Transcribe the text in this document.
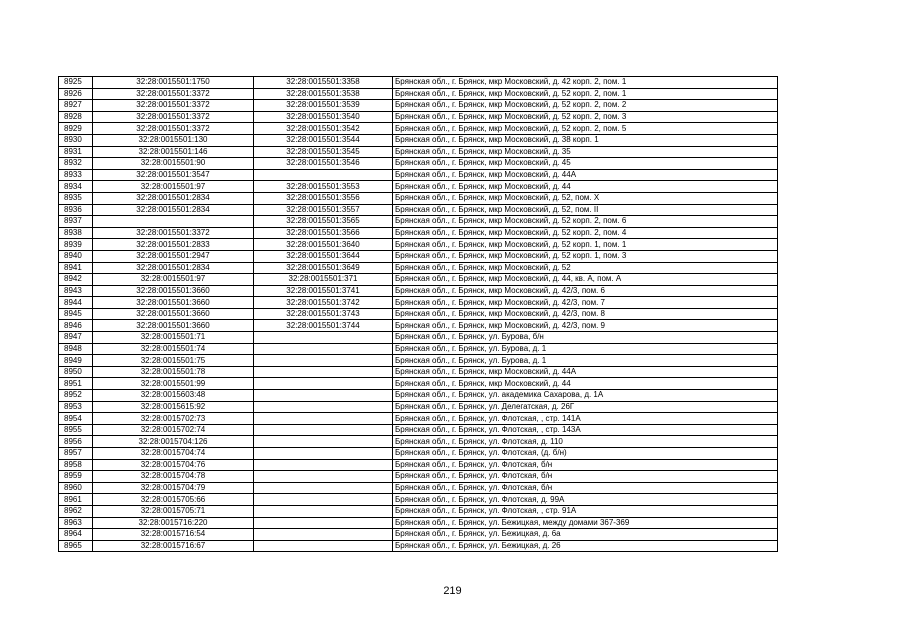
8925	32:28:0015501:1750	32:28:0015501:3358	Брянская обл., г. Брянск, мкр Московский, д. 42 корп. 2, пом. 1
8926	32:28:0015501:3372	32:28:0015501:3538	Брянская обл., г. Брянск, мкр Московский, д. 52 корп. 2, пом. 1
8927	32:28:0015501:3372	32:28:0015501:3539	Брянская обл., г. Брянск, мкр Московский, д. 52 корп. 2, пом. 2
8928	32:28:0015501:3372	32:28:0015501:3540	Брянская обл., г. Брянск, мкр Московский, д. 52 корп. 2, пом. 3
8929	32:28:0015501:3372	32:28:0015501:3542	Брянская обл., г. Брянск, мкр Московский, д. 52 корп. 2, пом. 5
8930	32:28:0015501:130	32:28:0015501:3544	Брянская обл., г. Брянск, мкр Московский, д. 38 корп. 1
8931	32:28:0015501:146	32:28:0015501:3545	Брянская обл., г. Брянск, мкр Московский, д. 35
8932	32:28:0015501:90	32:28:0015501:3546	Брянская обл., г. Брянск, мкр Московский, д. 45
8933	32:28:0015501:3547		Брянская обл., г. Брянск, мкр Московский, д. 44А
8934	32:28:0015501:97	32:28:0015501:3553	Брянская обл., г. Брянск, мкр Московский, д. 44
8935	32:28:0015501:2834	32:28:0015501:3556	Брянская обл., г. Брянск, мкр Московский, д. 52, пом. X
8936	32:28:0015501:2834	32:28:0015501:3557	Брянская обл., г. Брянск, мкр Московский, д. 52, пом. II
8937		32:28:0015501:3565	Брянская обл., г. Брянск, мкр Московский, д. 52 корп. 2, пом. 6
8938	32:28:0015501:3372	32:28:0015501:3566	Брянская обл., г. Брянск, мкр Московский, д. 52 корп. 2, пом. 4
8939	32:28:0015501:2833	32:28:0015501:3640	Брянская обл., г. Брянск, мкр Московский, д. 52 корп. 1, пом. 1
8940	32:28:0015501:2947	32:28:0015501:3644	Брянская обл., г. Брянск, мкр Московский, д. 52 корп. 1, пом. 3
8941	32:28:0015501:2834	32:28:0015501:3649	Брянская обл., г. Брянск, мкр Московский, д. 52
8942	32:28:0015501:97	32:28:0015501:371	Брянская обл., г. Брянск, мкр Московский, д. 44, кв. А, пом. А
8943	32:28:0015501:3660	32:28:0015501:3741	Брянская обл., г. Брянск, мкр Московский, д. 42/3, пом. 6
8944	32:28:0015501:3660	32:28:0015501:3742	Брянская обл., г. Брянск, мкр Московский, д. 42/3, пом. 7
8945	32:28:0015501:3660	32:28:0015501:3743	Брянская обл., г. Брянск, мкр Московский, д. 42/3, пом. 8
8946	32:28:0015501:3660	32:28:0015501:3744	Брянская обл., г. Брянск, мкр Московский, д. 42/3, пом. 9
8947	32:28:0015501:71		Брянская обл., г. Брянск, ул. Бурова, б/н
8948	32:28:0015501:74		Брянская обл., г. Брянск, ул. Бурова, д. 1
8949	32:28:0015501:75		Брянская обл., г. Брянск, ул. Бурова, д. 1
8950	32:28:0015501:78		Брянская обл., г. Брянск, мкр Московский, д. 44А
8951	32:28:0015501:99		Брянская обл., г. Брянск, мкр Московский, д. 44
8952	32:28:0015603:48		Брянская обл., г. Брянск, ул. академика Сахарова, д. 1А
8953	32:28:0015615:92		Брянская обл., г. Брянск, ул. Делегатская, д. 26Г
8954	32:28:0015702:73		Брянская обл., г. Брянск, ул. Флотская, , стр. 141А
8955	32:28:0015702:74		Брянская обл., г. Брянск, ул. Флотская, , стр. 143А
8956	32:28:0015704:126		Брянская обл., г. Брянск, ул. Флотская, д. 110
8957	32:28:0015704:74		Брянская обл., г. Брянск, ул. Флотская, (д. б/н)
8958	32:28:0015704:76		Брянская обл., г. Брянск, ул. Флотская, б/н
8959	32:28:0015704:78		Брянская обл., г. Брянск, ул. Флотская, б/н
8960	32:28:0015704:79		Брянская обл., г. Брянск, ул. Флотская, б/н
8961	32:28:0015705:66		Брянская обл., г. Брянск, ул. Флотская, д. 99А
8962	32:28:0015705:71		Брянская обл., г. Брянск, ул. Флотская, , стр. 91А
8963	32:28:0015716:220		Брянская обл., г. Брянск, ул. Бежицкая, между домами 367-369
8964	32:28:0015716:54		Брянская обл., г. Брянск, ул. Бежицкая, д. 6а
8965	32:28:0015716:67		Брянская обл., г. Брянск, ул. Бежицкая, д. 26
219
